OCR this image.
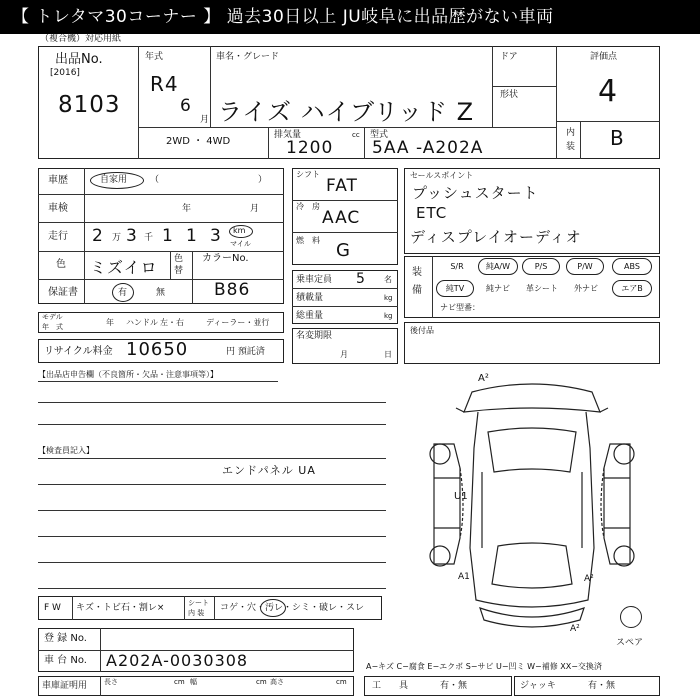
【 トレタマ30コーナー 】 過去30日以上 JU岐阜に出品歴がない車両
（複合機）対応用紙
出品No.
[2016]
8103
年式
R4
6
月
車名・グレード
ライズ ハイブリッド Z
ドア
形状
評価点
4
内
装 B
2WD ・ 4WD
排気量	cc
1200
型式
5AA -A202A
車歴	自家用	（	）
車検	年	月
走行 2 万 3 千 1 1 3 km
マイル
色 ミズイロ 色
替
カラーNo.
保証書	有	無	B86
モデル
年　式	年 ハンドル 左・右	ディーラー・並行
リサイクル料金 10650	円 預託済
シフト
FAT
冷　房
AAC
燃　料 G
乗車定員 5 名
積載量	kg
総重量	kg
名変期限
月	日
セールスポイント
プッシュスタート
ETC
ディスプレイオーディオ
装
備
S/R	純A/W	P/S	P/W	ABS
純TV	純ナビ	革シート	外ナビ	エアB
ナビ型番：
後付品
【出品店申告欄（不良箇所・欠品・注意事項等）】
【検査員記入】
エンドパネル UA
F W キズ・トビ石・割レ×	シート
内 装 コゲ・穴・汚レ・シミ・破レ・スレ
登 録 No.
車 台 No. A202A-0030308
車庫証明用 長さ	cm 幅	cm 高さ	cm
A−キズ C−腐食 E−エクボ S−サビ U−凹ミ W−補修 XX−交換済
工　　具	有・無	ジャッキ	有・無
A²
U1
A1	A²
A²
スペア
